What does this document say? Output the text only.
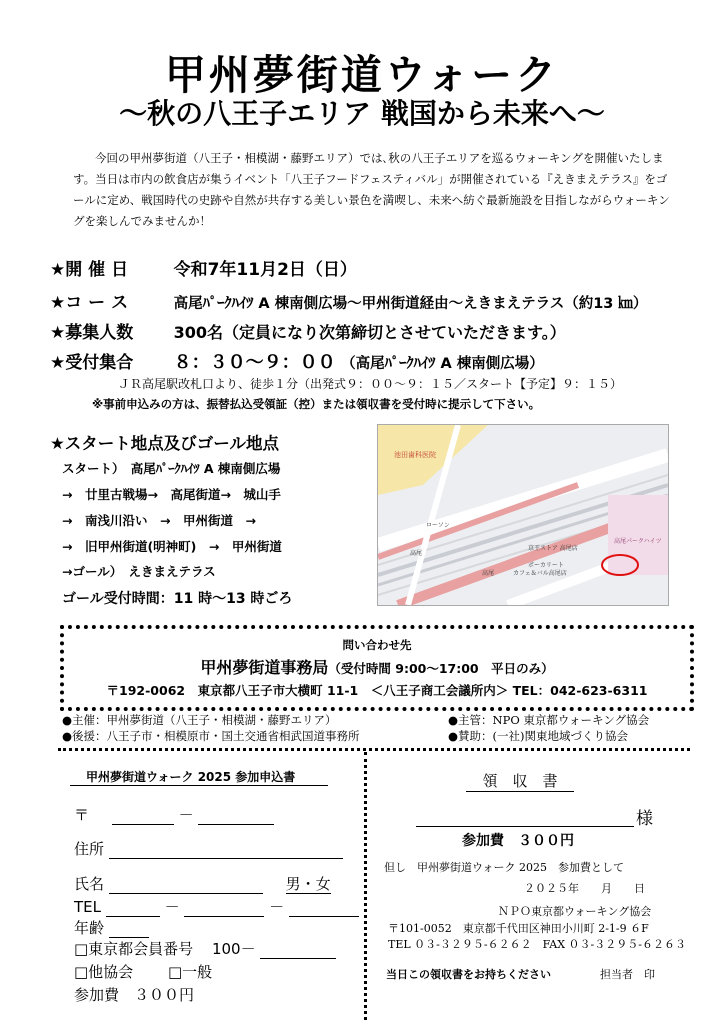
甲州夢街道ウォーク
～秋の八王子エリア 戦国から未来へ～
今回の甲州夢街道（八王子・相模湖・藤野エリア）では､秋の八王子エリアを巡るウォーキングを開催いたします。当日は市内の飲食店が集うイベント「八王子フードフェスティバル」が開催されている『えきまえテラス』をゴールに定め、戦国時代の史跡や自然が共存する美しい景色を満喫し、未来へ紡ぐ最新施設を目指しながらウォーキングを楽しんでみませんか！
★開 催 日	令和7年11月2日（日）
★コ ー ス	高尾ﾊﾟｰｸﾊｲﾂ A 棟南側広場～甲州街道経由～えきまえテラス（約13 ㎞）
★募集人数	300名（定員になり次第締切とさせていただきます。）
★受付集合 ８：３０～９：００ （高尾ﾊﾟｰｸﾊｲﾂ A 棟南側広場）
ＪＲ高尾駅改札口より、徒歩１分（出発式９：００～９：１５／スタート【予定】９：１５）
※事前申込みの方は、振替払込受領証（控）または領収書を受付時に提示して下さい。
★スタート地点及びゴール地点
スタート）　高尾ﾊﾟｰｸﾊｲﾂ A 棟南側広場
→　廿里古戦場→　高尾街道→　城山手
→　南浅川沿い　→　甲州街道　→
→　旧甲州街道(明神町)　→　甲州街道
→ゴール）　えきまえテラス
ゴール受付時間：11 時～13 時ごろ
池田歯科医院
ローソン
高尾
高尾
京王ストア 高尾店
高尾パークハイツ
カフェ＆バル高尾店
ポーカリート
問い合わせ先
甲州夢街道事務局（受付時間 9:00～17:00　平日のみ）
〒192-0062　東京都八王子市大横町 11-1　＜八王子商工会議所内＞ TEL：042-623-6311
●主催：甲州夢街道（八王子・相模湖・藤野エリア）	●主管：NPO 東京都ウォーキング協会
●後援：八王子市・相模原市・国土交通省相武国道事務所	●賛助：(一社)関東地域づくり協会
甲州夢街道ウォーク 2025 参加申込書
〒	－
住所
氏名	男・女
TEL	－	－
年齢
□東京都会員番号 100－
□他協会 □一般
参加費　３００円
領　収　書
様
参加費　３００円
但し　甲州夢街道ウォーク 2025　参加費として
２０２５年　　月　　日
ＮＰＯ東京都ウォーキング協会
〒101-0052　東京都千代田区神田小川町 2-1-9 ６F
TEL ０３-３２９５-６２６２　FAX ０３-３２９５-６２６３
当日この領収書をお持ちください	担当者　印
